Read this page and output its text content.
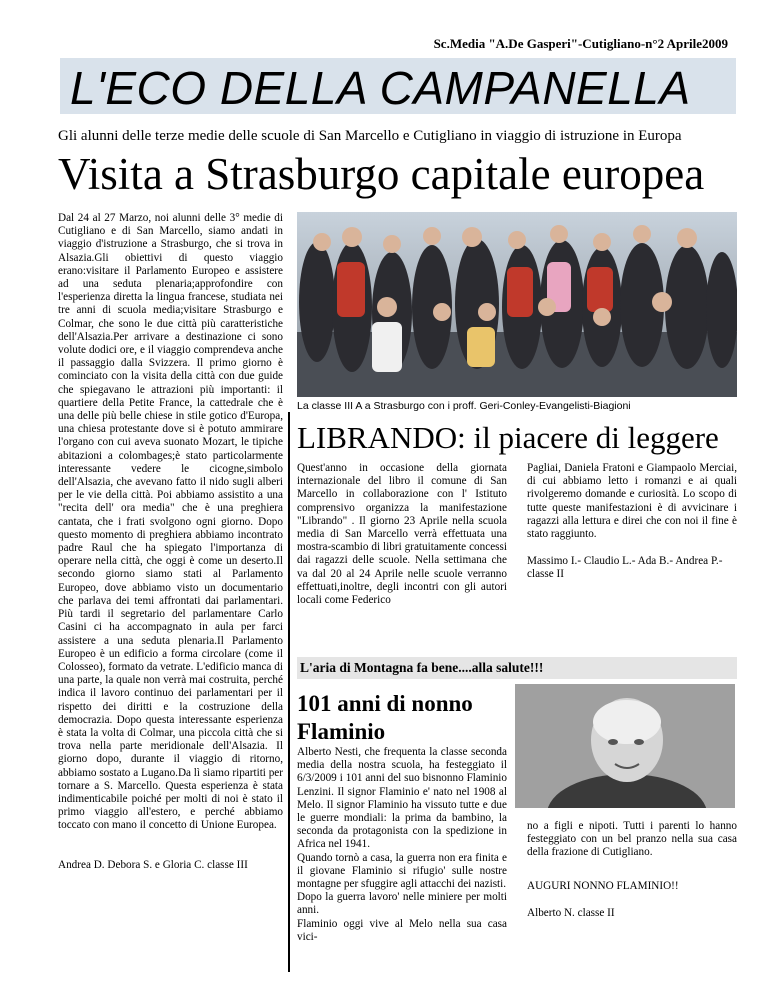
Sc.Media "A.De Gasperi"-Cutigliano-n°2 Aprile2009
L'ECO DELLA CAMPANELLA
Gli alunni delle terze medie delle scuole di San Marcello e Cutigliano in viaggio di istruzione in Europa
Visita a Strasburgo capitale europea
Dal 24 al 27 Marzo, noi alunni delle 3° medie di Cutigliano e di San Marcello, siamo andati in viaggio d'istruzione a Strasburgo, che si trova in Alsazia.Gli obiettivi di questo viaggio erano:visitare il Parlamento Europeo e assistere ad una seduta plenaria;approfondire con l'esperienza diretta la lingua francese, studiata nei tre anni di scuola media;visitare Strasburgo e Colmar, che sono le due città più caratteristiche dell'Alsazia.Per arrivare a destinazione ci sono volute dodici ore, e il viaggio comprendeva anche il passaggio dalla Svizzera. Il primo giorno è cominciato con la visita della città con due guide che spiegavano le attrazioni più importanti: il quartiere della Petite France, la cattedrale che è una delle più belle chiese in stile gotico d'Europa, una chiesa protestante dove si è potuto ammirare l'organo con cui aveva suonato Mozart, le tipiche abitazioni a colombages;è stato particolarmente interessante vedere le cicogne,simbolo dell'Alsazia, che avevano fatto il nido sugli alberi per le vie della città. Poi abbiamo assistito a una "recita dell' ora media" che è una preghiera cantata, che i frati svolgono ogni giorno. Dopo questo momento di preghiera abbiamo incontrato padre Raul che ha spiegato l'importanza di operare nella città, che oggi è come un deserto.Il secondo giorno siamo stati al Parlamento Europeo, dove abbiamo visto un documentario che parlava dei temi affrontati dai parlamentari. Più tardi il segretario del parlamentare Carlo Casini ci ha accompagnato in aula per farci assistere a una seduta plenaria.Il Parlamento Europeo è un edificio a forma circolare (come il Colosseo), formato da vetrate. L'edificio manca di una parte, la quale non verrà mai costruita, perché indica il lavoro continuo dei parlamentari per il rispetto dei diritti e la costruzione della democrazia. Dopo questa interessante esperienza è stata la volta di Colmar, una piccola città che si trova nella parte meridionale dell'Alsazia. Il giorno dopo, durante il viaggio di ritorno, abbiamo sostato a Lugano.Da lì siamo ripartiti per tornare a S. Marcello. Questa esperienza è stata indimenticabile poiché per molti di noi è stato il primo viaggio all'estero, e perché abbiamo toccato con mano il concetto di Unione Europea.
Andrea D. Debora S. e Gloria C. classe III
La classe III A a Strasburgo con i proff. Geri-Conley-Evangelisti-Biagioni
LIBRANDO: il piacere di leggere
Quest'anno in occasione della giornata internazionale del libro il comune di San Marcello in collaborazione con l' Istituto comprensivo organizza la manifestazione "Librando" . Il giorno 23 Aprile nella scuola media di San Marcello verrà effettuata una mostra-scambio di libri gratuitamente concessi dai ragazzi delle scuole. Nella settimana che va dal 20 al 24 Aprile nelle scuole verranno effettuati,inoltre, degli incontri con gli autori locali come Federico
Pagliai, Daniela Fratoni e Giampaolo Merciai, di cui abbiamo letto i romanzi e ai quali rivolgeremo domande e curiosità. Lo scopo di tutte queste manifestazioni è di avvicinare i ragazzi alla lettura e direi che con noi il fine è stato raggiunto.
Massimo I.- Claudio L.- Ada B.- Andrea P.- classe II
L'aria di Montagna fa bene....alla salute!!!
101 anni di nonno Flaminio
Alberto Nesti, che frequenta la classe seconda media della nostra scuola, ha festeggiato il 6/3/2009 i 101 anni del suo bisnonno Flaminio Lenzini. Il signor Flaminio e' nato nel 1908 al Melo. Il signor Flaminio ha vissuto tutte e due le guerre mondiali: la prima da bambino, la seconda da protagonista con la spedizione in Africa nel 1941.
Quando tornò a casa, la guerra non era finita e il giovane Flaminio si rifugio' sulle nostre montagne per sfuggire agli attacchi dei nazisti.
Dopo la guerra lavoro' nelle miniere per molti anni.
Flaminio oggi vive al Melo nella sua casa vici-
no a figli e nipoti. Tutti i parenti lo hanno festeggiato con un bel pranzo nella sua casa della frazione di Cutigliano.
AUGURI NONNO FLAMINIO!!
Alberto N. classe II
